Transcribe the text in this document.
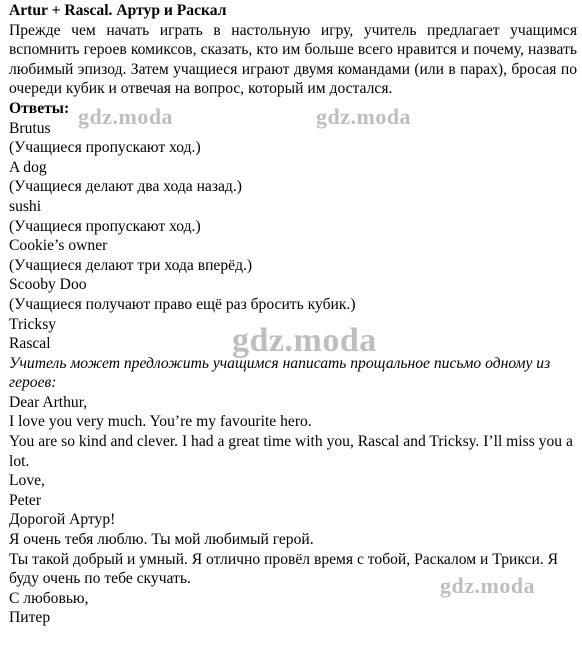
Artur + Rascal. Артур и Раскал

Прежде чем начать играть в настольную игру, учитель предлагает учащимся вспомнить героев комиксов, сказать, кто им больше всего нравится и почему, назвать любимый эпизод. Затем учащиеся играют двумя командами (или в парах), бросая по очереди кубик и отвечая на вопрос, который им достался.

Ответы:

Brutus

(Учащиеся пропускают ход.)

A dog

(Учащиеся делают два хода назад.)

sushi

(Учащиеся пропускают ход.)

Cookie’s owner

(Учащиеся делают три хода вперёд.)

Scooby Doo

(Учащиеся получают право ещё раз бросить кубик.)

Tricksy

Rascal

Учитель может предложить учащимся написать прощальное письмо одному из героев:

Dear Arthur,

I love you very much. You’re my favourite hero.

You are so kind and clever. I had a great time with you, Rascal and Tricksy. I’ll miss you a lot.

Love,

Peter

Дорогой Артур!

Я очень тебя люблю. Ты мой любимый герой.

Ты такой добрый и умный. Я отлично провёл время с тобой, Раскалом и Трикси. Я буду очень по тебе скучать.

С любовью,

Питер

gdz.moda	gdz.moda
gdz.moda
gdz.moda
